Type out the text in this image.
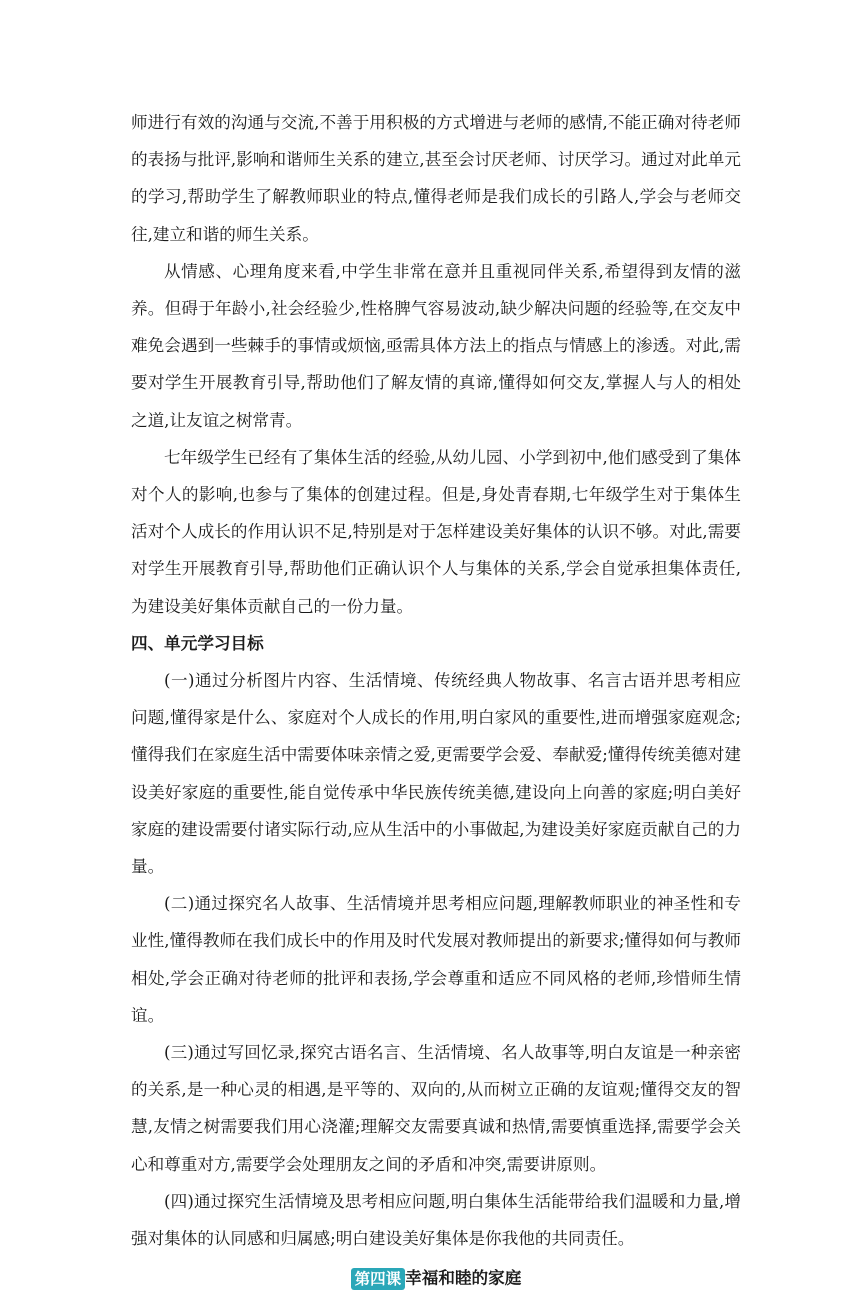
师进行有效的沟通与交流,不善于用积极的方式增进与老师的感情,不能正确对待老师的表扬与批评,影响和谐师生关系的建立,甚至会讨厌老师、讨厌学习。通过对此单元的学习,帮助学生了解教师职业的特点,懂得老师是我们成长的引路人,学会与老师交往,建立和谐的师生关系。

从情感、心理角度来看,中学生非常在意并且重视同伴关系,希望得到友情的滋养。但碍于年龄小,社会经验少,性格脾气容易波动,缺少解决问题的经验等,在交友中难免会遇到一些棘手的事情或烦恼,亟需具体方法上的指点与情感上的渗透。对此,需要对学生开展教育引导,帮助他们了解友情的真谛,懂得如何交友,掌握人与人的相处之道,让友谊之树常青。

七年级学生已经有了集体生活的经验,从幼儿园、小学到初中,他们感受到了集体对个人的影响,也参与了集体的创建过程。但是,身处青春期,七年级学生对于集体生活对个人成长的作用认识不足,特别是对于怎样建设美好集体的认识不够。对此,需要对学生开展教育引导,帮助他们正确认识个人与集体的关系,学会自觉承担集体责任,为建设美好集体贡献自己的一份力量。

四、单元学习目标

(一)通过分析图片内容、生活情境、传统经典人物故事、名言古语并思考相应问题,懂得家是什么、家庭对个人成长的作用,明白家风的重要性,进而增强家庭观念;懂得我们在家庭生活中需要体味亲情之爱,更需要学会爱、奉献爱;懂得传统美德对建设美好家庭的重要性,能自觉传承中华民族传统美德,建设向上向善的家庭;明白美好家庭的建设需要付诸实际行动,应从生活中的小事做起,为建设美好家庭贡献自己的力量。

(二)通过探究名人故事、生活情境并思考相应问题,理解教师职业的神圣性和专业性,懂得教师在我们成长中的作用及时代发展对教师提出的新要求;懂得如何与教师相处,学会正确对待老师的批评和表扬,学会尊重和适应不同风格的老师,珍惜师生情谊。

(三)通过写回忆录,探究古语名言、生活情境、名人故事等,明白友谊是一种亲密的关系,是一种心灵的相遇,是平等的、双向的,从而树立正确的友谊观;懂得交友的智慧,友情之树需要我们用心浇灌;理解交友需要真诚和热情,需要慎重选择,需要学会关心和尊重对方,需要学会处理朋友之间的矛盾和冲突,需要讲原则。

(四)通过探究生活情境及思考相应问题,明白集体生活能带给我们温暖和力量,增强对集体的认同感和归属感;明白建设美好集体是你我他的共同责任。

第四课 幸福和睦的家庭
